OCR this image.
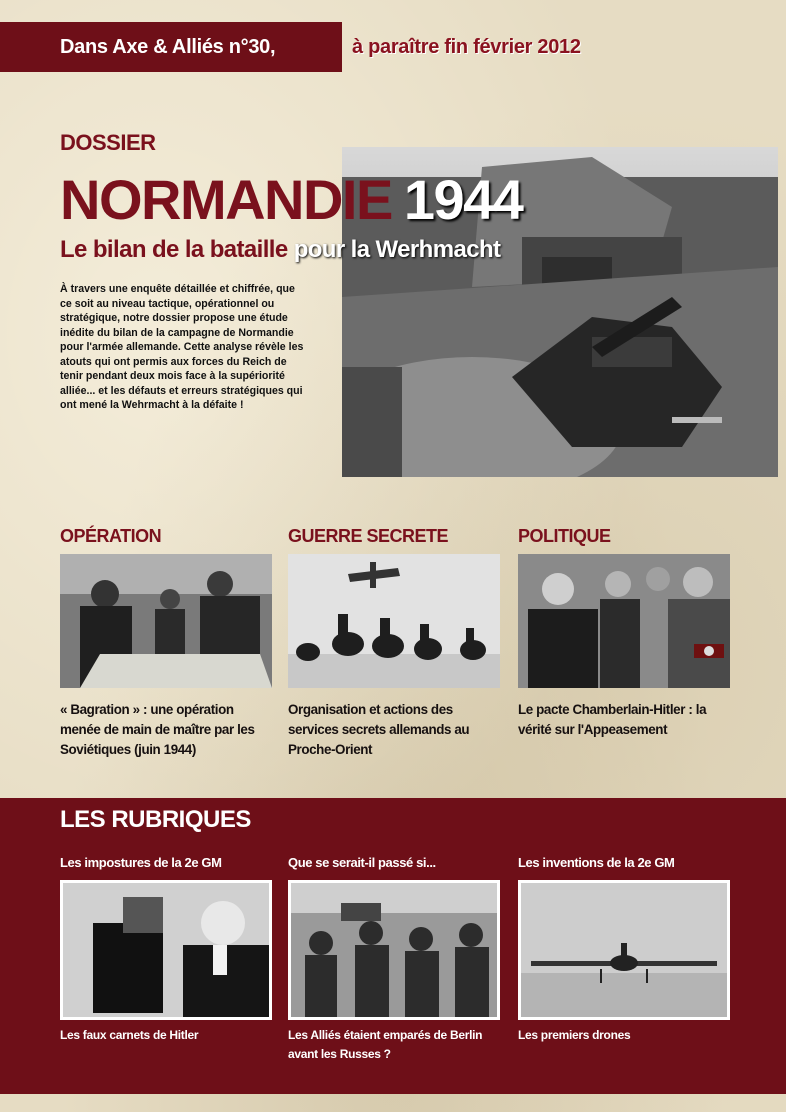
Dans Axe & Alliés n°30,	à paraître fin février 2012
DOSSIER
NORMANDIE 1944
Le bilan de la bataille pour la Werhmacht
À travers une enquête détaillée et chiffrée, que ce soit au niveau tactique, opérationnel ou stratégique, notre dossier propose une étude inédite du bilan de la campagne de Normandie pour l'armée allemande. Cette analyse révèle les atouts qui ont permis aux forces du Reich de tenir pendant deux mois face à la supériorité alliée... et les défauts et erreurs stratégiques qui ont mené la Wehrmacht à la défaite !
OPÉRATION
« Bagration » : une opération menée de main de maître par les Soviétiques (juin 1944)
GUERRE SECRETE
Organisation et actions des services secrets allemands au Proche-Orient
POLITIQUE
Le pacte Chamberlain-Hitler : la vérité sur l'Appeasement
LES RUBRIQUES
Les impostures de la 2e GM
Les faux carnets de Hitler
Que se serait-il passé si...
Les Alliés étaient emparés de Berlin avant les Russes ?
Les inventions de la 2e GM
Les premiers drones
